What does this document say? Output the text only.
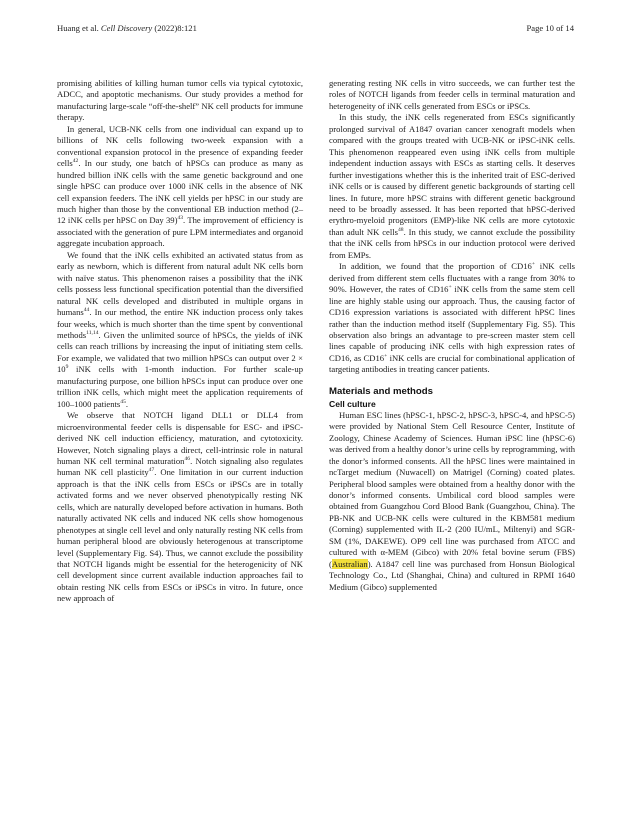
Huang et al. Cell Discovery (2022)8:121	Page 10 of 14

promising abilities of killing human tumor cells via typical cytotoxic, ADCC, and apoptotic mechanisms. Our study provides a method for manufacturing large-scale “off-the-shelf” NK cell products for immune therapy.

In general, UCB-NK cells from one individual can expand up to billions of NK cells following two-week expansion with a conventional expansion protocol in the presence of expanding feeder cells$^{42}$. In our study, one batch of hPSCs can produce as many as hundred billion iNK cells with the same genetic background and one single hPSC can produce over 1000 iNK cells in the absence of NK cell expansion feeders. The iNK cell yields per hPSC in our study are much higher than those by the conventional EB induction method (2–12 iNK cells per hPSC on Day 39)$^{43}$. The improvement of efficiency is associated with the generation of pure LPM intermediates and organoid aggregate incubation approach.

We found that the iNK cells exhibited an activated status from as early as newborn, which is different from natural adult NK cells born with naïve status. This phenomenon raises a possibility that the iNK cells possess less functional specification potential than the diversified natural NK cells developed and distributed in multiple organs in humans$^{44}$. In our method, the entire NK induction process only takes four weeks, which is much shorter than the time spent by conventional methods$^{11,14}$. Given the unlimited source of hPSCs, the yields of iNK cells can reach trillions by increasing the input of initiating stem cells. For example, we validated that two million hPSCs can output over $2 \times 10^9$ iNK cells with 1-month induction. For further scale-up manufacturing purpose, one billion hPSCs input can produce over one trillion iNK cells, which might meet the application requirements of 100–1000 patients$^{45}$.

We observe that NOTCH ligand DLL1 or DLL4 from microenvironmental feeder cells is dispensable for ESC- and iPSC-derived NK cell induction efficiency, maturation, and cytotoxicity. However, Notch signaling plays a direct, cell-intrinsic role in natural human NK cell terminal maturation$^{46}$. Notch signaling also regulates human NK cell plasticity$^{47}$. One limitation in our current induction approach is that the iNK cells from ESCs or iPSCs are in totally activated forms and we never observed phenotypically resting NK cells, which are naturally developed before activation in humans. Both naturally activated NK cells and induced NK cells show homogenous phenotypes at single cell level and only naturally resting NK cells from human peripheral blood are obviously heterogenous at transcriptome level (Supplementary Fig. S4). Thus, we cannot exclude the possibility that NOTCH ligands might be essential for the heterogenicity of NK cell development since current available induction approaches fail to obtain resting NK cells from ESCs or iPSCs in vitro. In future, once new approach of

generating resting NK cells in vitro succeeds, we can further test the roles of NOTCH ligands from feeder cells in terminal maturation and heterogeneity of iNK cells generated from ESCs or iPSCs.

In this study, the iNK cells regenerated from ESCs significantly prolonged survival of A1847 ovarian cancer xenograft models when compared with the groups treated with UCB-NK or iPSC-iNK cells. This phenomenon reappeared even using iNK cells from multiple independent induction assays with ESCs as starting cells. It deserves further investigations whether this is the inherited trait of ESC-derived iNK cells or is caused by different genetic backgrounds of starting cell lines. In future, more hPSC strains with different genetic background need to be broadly assessed. It has been reported that hPSC-derived erythro-myeloid progenitors (EMP)-like NK cells are more cytotoxic than adult NK cells$^{48}$. In this study, we cannot exclude the possibility that the iNK cells from hPSCs in our induction protocol were derived from EMPs.

In addition, we found that the proportion of CD16+ iNK cells derived from different stem cells fluctuates with a range from 30% to 90%. However, the rates of CD16+ iNK cells from the same stem cell line are highly stable using our approach. Thus, the causing factor of CD16 expression variations is associated with different hPSC lines rather than the induction method itself (Supplementary Fig. S5). This observation also brings an advantage to pre-screen master stem cell lines capable of producing iNK cells with high expression rates of CD16, as CD16+ iNK cells are crucial for combinational application of targeting antibodies in treating cancer patients.

Materials and methods
Cell culture

Human ESC lines (hPSC-1, hPSC-2, hPSC-3, hPSC-4, and hPSC-5) were provided by National Stem Cell Resource Center, Institute of Zoology, Chinese Academy of Sciences. Human iPSC line (hPSC-6) was derived from a healthy donor’s urine cells by reprogramming, with the donor’s informed consents. All the hPSC lines were maintained in ncTarget medium (Nuwacell) on Matrigel (Corning) coated plates. Peripheral blood samples were obtained from a healthy donor with the donor’s informed consents. Umbilical cord blood samples were obtained from Guangzhou Cord Blood Bank (Guangzhou, China). The PB-NK and UCB-NK cells were cultured in the KBM581 medium (Corning) supplemented with IL-2 (200 IU/mL, Miltenyi) and SGR-SM (1%, DAKEWE). OP9 cell line was purchased from ATCC and cultured with α-MEM (Gibco) with 20% fetal bovine serum (FBS) (Australian). A1847 cell line was purchased from Honsun Biological Technology Co., Ltd (Shanghai, China) and cultured in RPMI 1640 Medium (Gibco) supplemented
